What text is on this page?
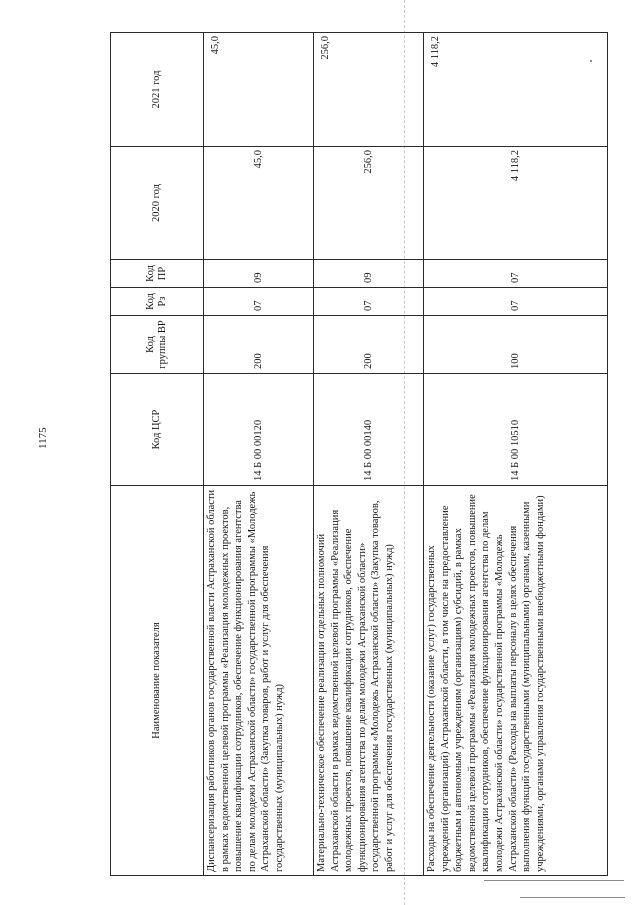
1175
Наименование показателя	Код ЦСР	Код группы ВР	Код Рз	Код ПР	2020 год	2021 год
Диспансеризация работников органов государственной власти Астраханской области в рамках ведомственной целевой программы «Реализация молодежных проектов, повышение квалификации сотрудников, обеспечение функционирования агентства по делам молодежи Астраханской области» государственной программы «Молодежь Астраханской области» (Закупка товаров, работ и услуг для обеспечения государственных (муниципальных) нужд)	14 Б 00 00120	200	07	09	45,0	45,0
Материально-техническое обеспечение реализации отдельных полномочий Астраханской области в рамках ведомственной целевой программы «Реализация молодежных проектов, повышение квалификации сотрудников, обеспечение функционирования агентства по делам молодежи Астраханской области» государственной программы «Молодежь Астраханской области» (Закупка товаров, работ и услуг для обеспечения государственных (муниципальных) нужд)	14 Б 00 00140	200	07	09	256,0	256,0
Расходы на обеспечение деятельности (оказание услуг) государственных учреждений (организаций) Астраханской области, в том числе на предоставление бюджетным и автономным учреждениям (организациям) субсидий, в рамках ведомственной целевой программы «Реализация молодежных проектов, повышение квалификации сотрудников, обеспечение функционирования агентства по делам молодежи Астраханской области» государственной программы «Молодежь Астраханской области» (Расходы на выплаты персоналу в целях обеспечения выполнения функций государственными (муниципальными) органами, казенными учреждениями, органами управления государственными внебюджетными фондами)	14 Б 00 10510	100	07	07	4 118,2	4 118,2
